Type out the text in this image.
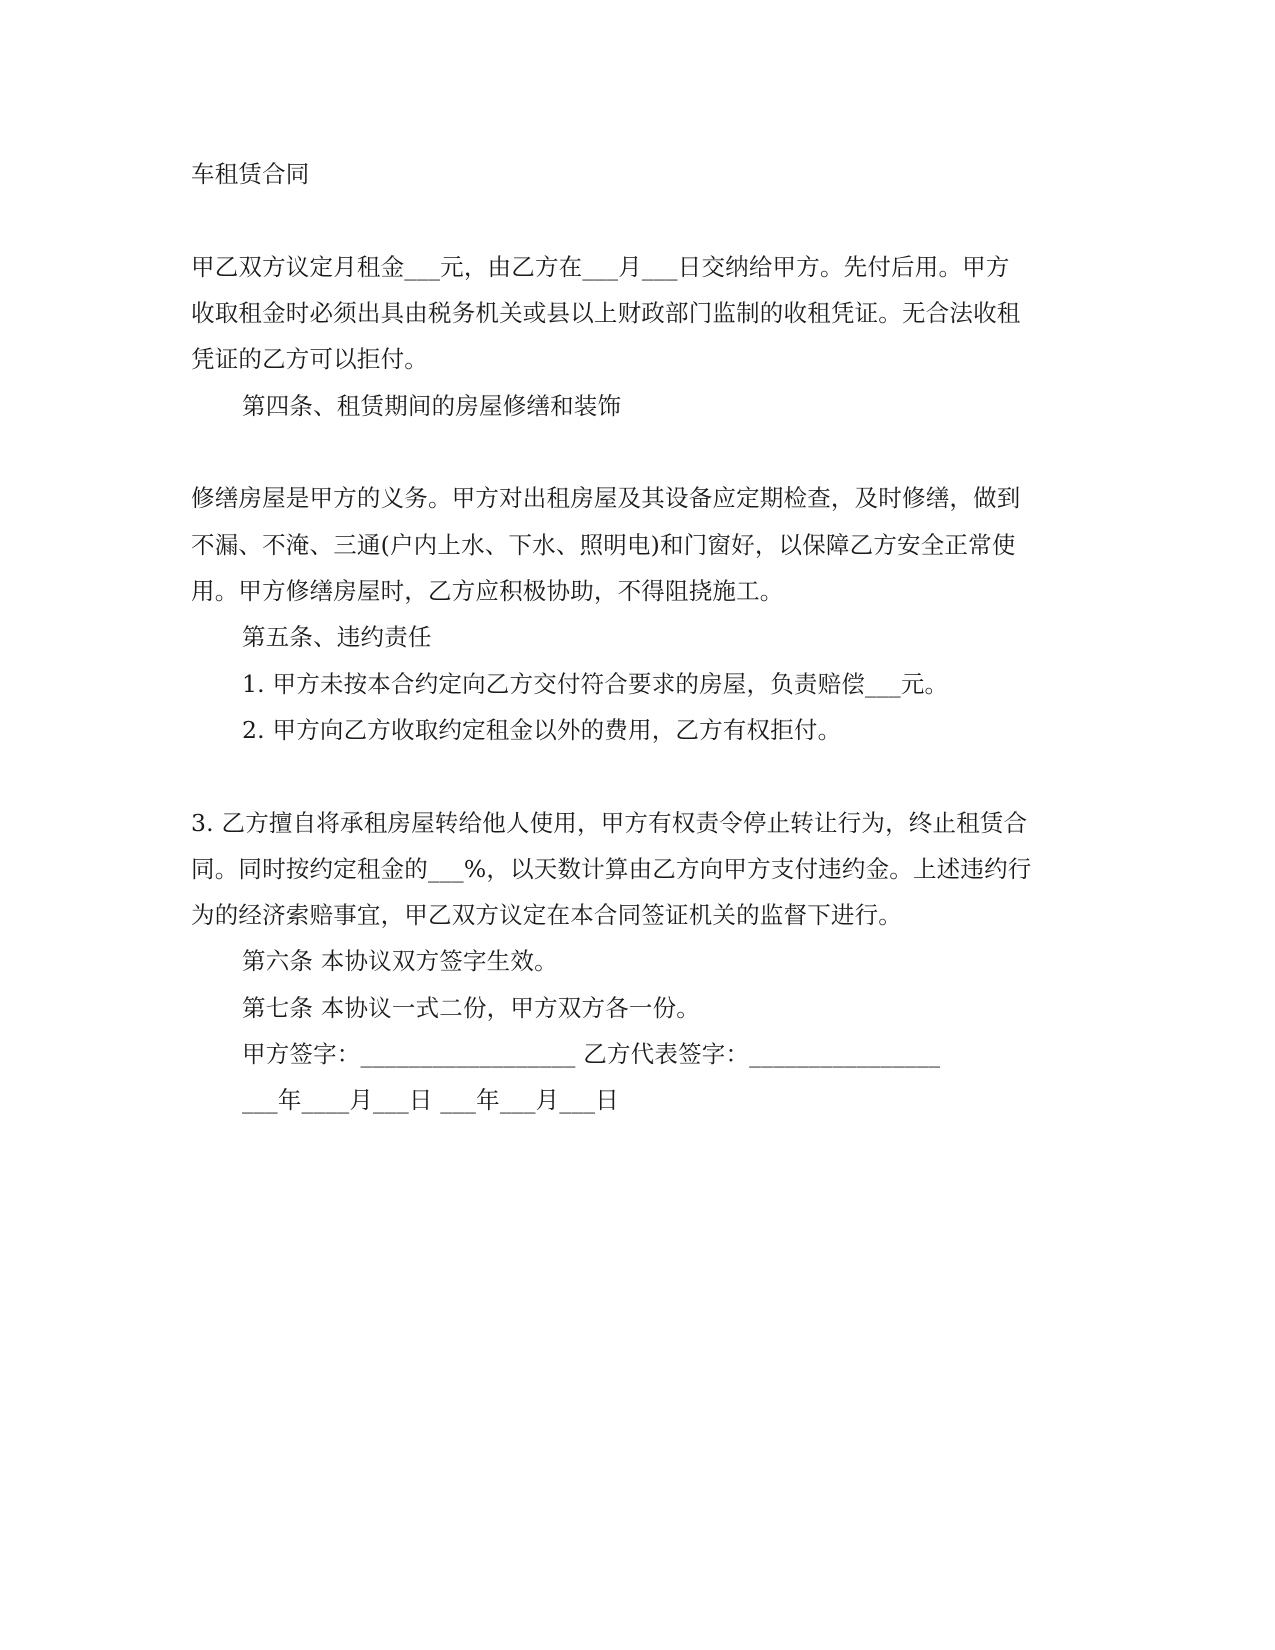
车租赁合同
甲乙双方议定月租金___元，由乙方在___月___日交纳给甲方。先付后用。甲方
收取租金时必须出具由税务机关或县以上财政部门监制的收租凭证。无合法收租
凭证的乙方可以拒付。
第四条、租赁期间的房屋修缮和装饰
修缮房屋是甲方的义务。甲方对出租房屋及其设备应定期检查，及时修缮，做到
不漏、不淹、三通(户内上水、下水、照明电)和门窗好，以保障乙方安全正常使
用。甲方修缮房屋时，乙方应积极协助，不得阻挠施工。
第五条、违约责任
1. 甲方未按本合约定向乙方交付符合要求的房屋，负责赔偿___元。
2. 甲方向乙方收取约定租金以外的费用，乙方有权拒付。
3. 乙方擅自将承租房屋转给他人使用，甲方有权责令停止转让行为，终止租赁合
同。同时按约定租金的___%，以天数计算由乙方向甲方支付违约金。上述违约行
为的经济索赔事宜，甲乙双方议定在本合同签证机关的监督下进行。
第六条 本协议双方签字生效。
第七条 本协议一式二份，甲方双方各一份。
甲方签字：__________________ 乙方代表签字：________________
___年____月___日 ___年___月___日
